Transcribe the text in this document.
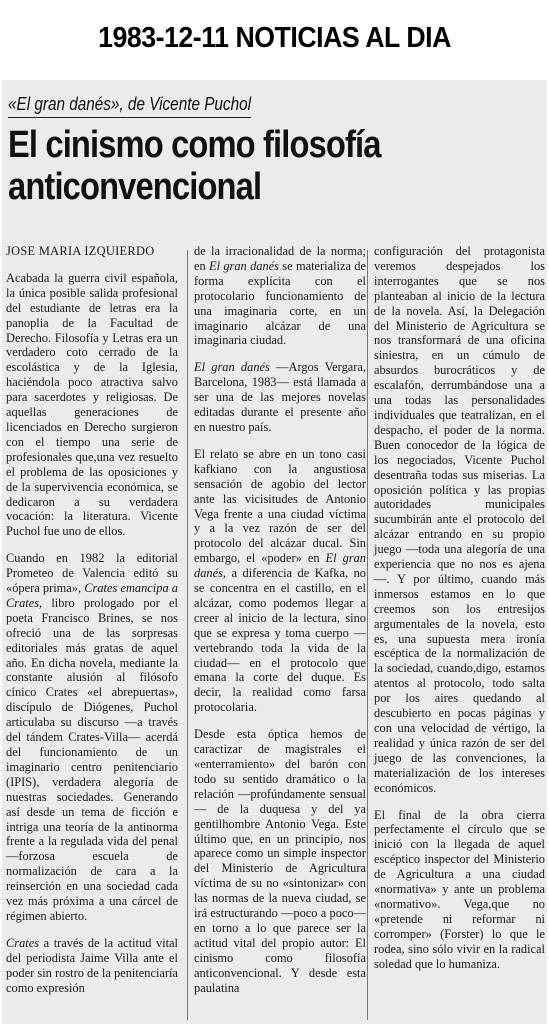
1983-12-11 NOTICIAS AL DIA
«El gran danés», de Vicente Puchol
El cinismo como filosofía
anticonvencional

JOSE MARIA IZQUIERDO

Acabada la guerra civil española, la única posible salida profesional del estudiante de letras era la panoplia de la Facultad de Derecho. Filosofía y Letras era un verdadero coto cerrado de la escolástica y de la Iglesia, haciéndola poco atractiva salvo para sacerdotes y religiosas. De aquellas generaciones de licenciados en Derecho surgieron con el tiempo una serie de profesionales que,una vez resuelto el problema de las oposiciones y de la supervivencia económica, se dedicaron a su verdadera vocación: la literatura. Vicente Puchol fue uno de ellos.

Cuando en 1982 la editorial Prometeo de Valencia editó su «ópera prima», Crates emancipa a Crates, libro prologado por el poeta Francisco Brines, se nos ofreció una de las sorpresas editoriales más gratas de aquel año. En dicha novela, mediante la constante alusión al filósofo cínico Crates «el abrepuertas», discípulo de Diógenes, Puchol articulaba su discurso —a través del tándem Crates-Villa— acerdá del funcionamiento de un imaginario centro penitenciario (IPIS), verdadera alegoría de nuestras sociedades. Generando así desde un tema de ficción e intriga una teoría de la antinorma frente a la regulada vida del penal —forzosa escuela de normalización de cara a la reinserción en una sociedad cada vez más próxima a una cárcel de régimen abierto.

Crates a través de la actitud vital del periodista Jaime Villa ante el poder sin rostro de la penitenciaría como expresión

de la irracionalidad de la norma; en El gran danés se materializa de forma explícita con el protocolario funcionamiento de una imaginaria corte, en un imaginario alcázar de una imaginaria ciudad.

El gran danés —Argos Vergara, Barcelona, 1983— está llamada a ser una de las mejores novelas editadas durante el presente año en nuestro país.

El relato se abre en un tono casi kafkiano con la angustiosa sensación de agobio del lector ante las vicisitudes de Antonio Vega frente a una ciudad víctima y a la vez razón de ser del protocolo del alcázar ducal. Sin embargo, el «poder» en El gran danés, a diferencia de Kafka, no se concentra en el castillo, en el alcázar, como podemos llegar a creer al inicio de la lectura, sino que se expresa y toma cuerpo —vertebrando toda la vida de la ciudad— en el protocolo que emana la corte del duque. Es decir, la realidad como farsa protocolaria.

Desde esta óptica hemos de caractizar de magistrales el «enterramiento» del barón con todo su sentido dramático o la relación —profúndamente sensual— de la duquesa y del ya gentilhombre Antonio Vega. Este último que, en un principio, nos aparece como un simple inspector del Ministerio de Agricultura víctima de su no «sintonizar» con las normas de la nueva ciudad, se irá estructurando —poco a poco— en torno a lo que parece ser la actitud vital del propio autor: El cinismo como filosofía anticonvencional. Y desde esta paulatina

configuración del protagonista veremos despejados los interrogantes que se nos planteaban al inicio de la lectura de la novela. Así, la Delegación del Ministerio de Agricultura se nos transformará de una oficina siniestra, en un cúmulo de absurdos burocráticos y de escalafón, derrumbándose una a una todas las personalidades individuales que teatralizan, en el despacho, el poder de la norma. Buen conocedor de la lógica de los negociados, Vicente Puchol desentraña todas sus miserias. La oposición política y las propias autoridades municipales sucumbirán ante el protocolo del alcázar entrando en su propio juego —toda una alegoría de una experiencia que no nos es ajena—. Y por último, cuando más inmersos estamos en lo que creemos son los entresijos argumentales de la novela, esto es, una supuesta mera ironía escéptica de la normalización de la sociedad, cuando,digo, estamos atentos al protocolo, todo salta por los aires quedando al descubierto en pocas páginas y con una velocidad de vértigo, la realidad y única razón de ser del juego de las convenciones, la materialización de los intereses económicos.

El final de la obra cierra perfectamente el círculo que se inició con la llegada de aquel escéptico inspector del Ministerio de Agricultura a una ciudad «normativa» y ante un problema «normativo». Vega,que no «pretende ni reformar ni corromper» (Forster) lo que le rodea, sino sólo vivir en la radical soledad que lo humaniza.
